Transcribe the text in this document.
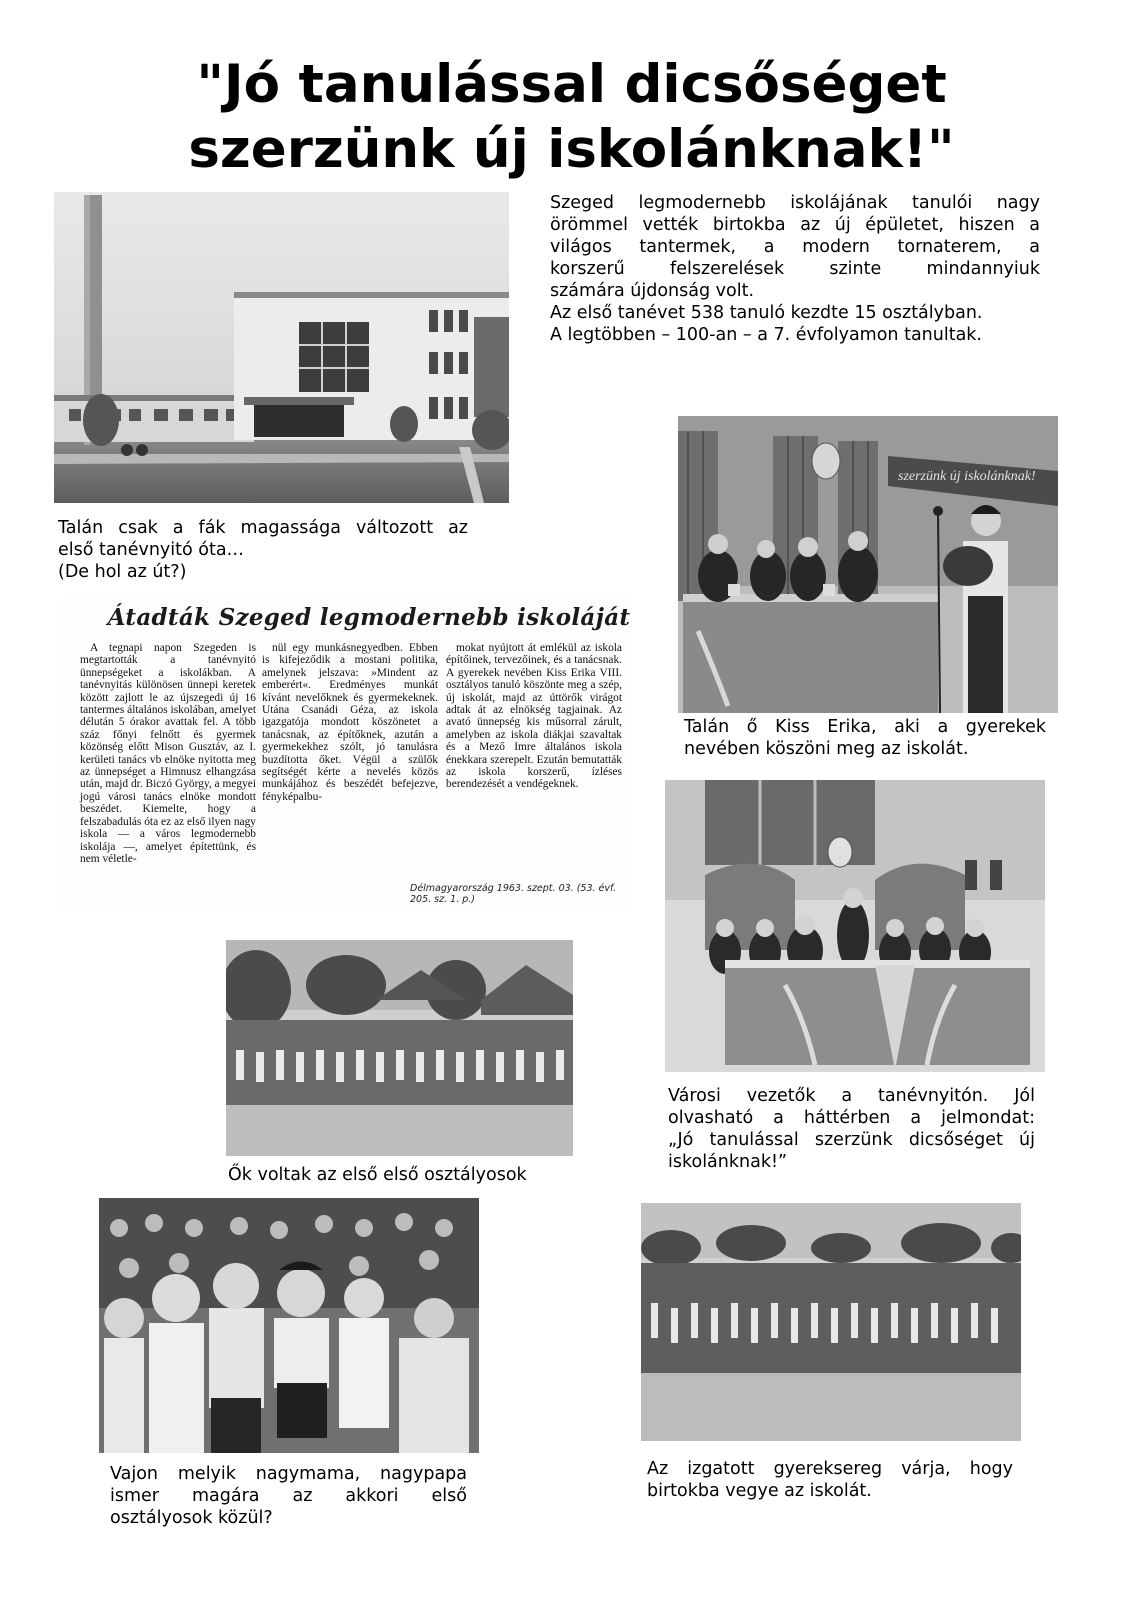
"Jó tanulással dicsőséget
szerzünk új iskolánknak!"
Szeged legmodernebb iskolájának tanulói nagy
örömmel vették birtokba az új épületet, hiszen a
világos tantermek, a modern tornaterem, a
korszerű felszerelések szinte mindannyiuk
számára újdonság volt.
Az első tanévet 538 tanuló kezdte 15 osztályban.
A legtöbben – 100-an – a 7. évfolyamon tanultak.
szerzünk új iskolánknak!
Talán csak a fák magassága változott az
első tanévnyitó óta…
(De hol az út?)
Átadták Szeged legmodernebb iskoláját

A tegnapi napon Szegeden is megtartották a tanévnyitó ünnepségeket a iskolákban. A tanévnyitás különösen ünnepi keretek között zajlott le az újszegedi új 16 tantermes általános iskolában, amelyet délután 5 órakor avattak fel. A több száz főnyi felnőtt és gyermek közönség előtt Mison Gusztáv, az I. kerületi tanács vb elnöke nyitotta meg az ünnepséget a Himnusz elhangzása után, majd dr. Biczó György, a megyei jogú városi tanács elnöke mondott beszédet. Kiemelte, hogy a felszabadulás óta ez az első ilyen nagy iskola — a város legmodernebb iskolája —, amelyet építettünk, és nem véletle-

nül egy munkásnegyedben. Ebben is kifejeződik a mostani politika, amelynek jelszava: »Mindent az emberért«. Eredményes munkát kívánt nevelőknek és gyermekeknek. Utána Csanádi Géza, az iskola igazgatója mondott köszönetet a tanácsnak, az építőknek, azután a gyermekekhez szólt, jó tanulásra buzdította őket. Végül a szülők segítségét kérte a nevelés közös munkájához és beszédét befejezve, fényképalbu-

mokat nyújtott át emlékül az iskola építőinek, tervezőinek, és a tanácsnak. A gyerekek nevében Kiss Erika VIII. osztályos tanuló köszönte meg a szép, új iskolát, majd az úttörők virágot adtak át az elnökség tagjainak. Az avató ünnepség kis műsorral zárult, amelyben az iskola diákjai szavaltak és a Mező Imre általános iskola énekkara szerepelt. Ezután bemutatták az iskola korszerű, ízléses berendezését a vendégeknek.

Délmagyarország 1963. szept. 03. (53. évf. 205. sz. 1. p.)
Talán ő Kiss Erika, aki a gyerekek
nevében köszöni meg az iskolát.
Városi vezetők a tanévnyitón. Jól
olvasható a háttérben a jelmondat:
„Jó tanulással szerzünk dicsőséget új
iskolánknak!”
Ők voltak az első első osztályosok
Vajon melyik nagymama, nagypapa
ismer magára az akkori első
osztályosok közül?
Az izgatott gyereksereg várja, hogy
birtokba vegye az iskolát.
